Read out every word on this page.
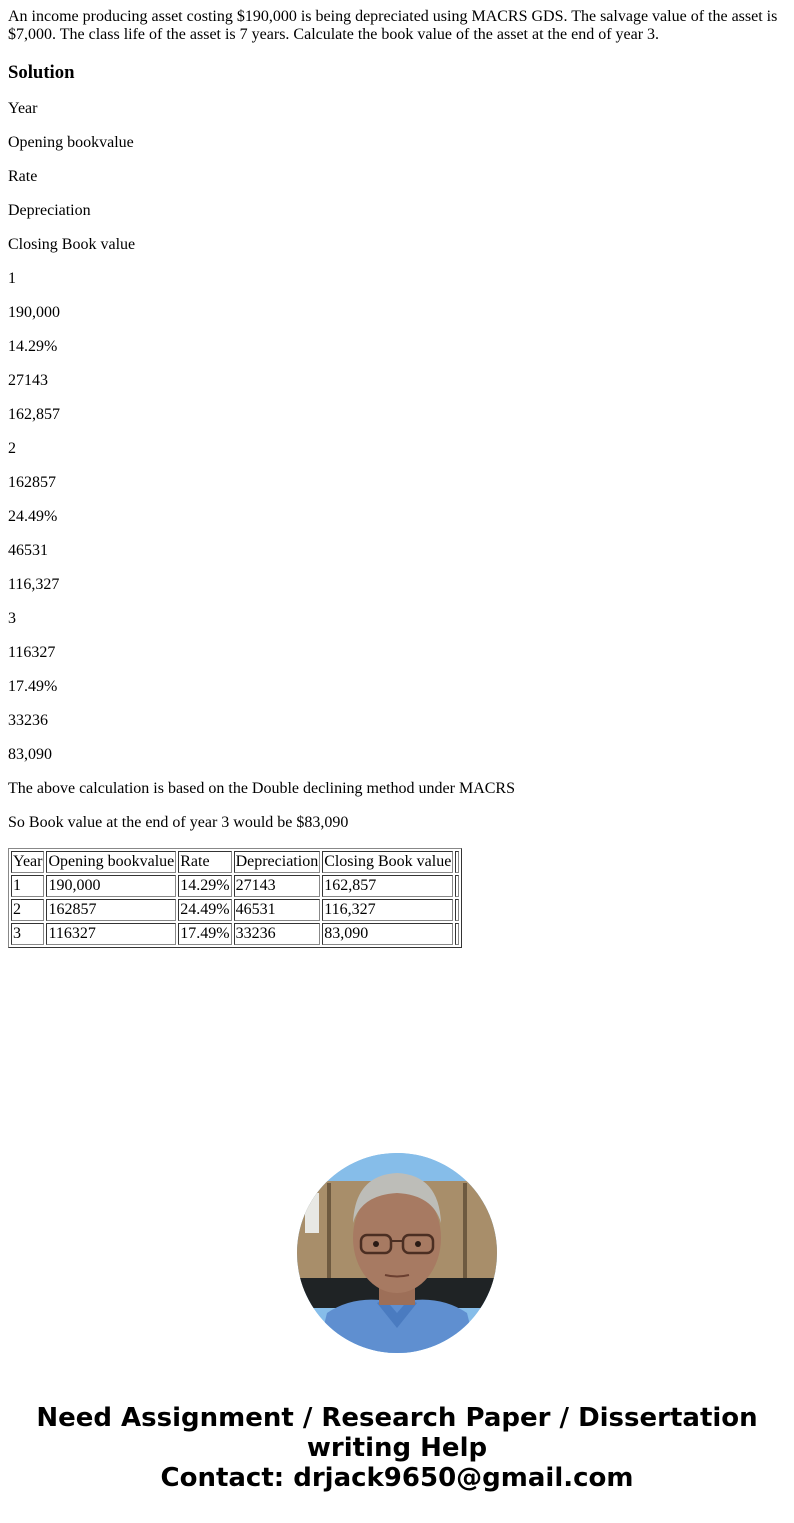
An income producing asset costing $190,000 is being depreciated using MACRS GDS. The salvage value of the asset is $7,000. The class life of the asset is 7 years. Calculate the book value of the asset at the end of year 3.

Solution

Year

Opening bookvalue

Rate

Depreciation

Closing Book value

1

190,000

14.29%

27143

162,857

2

162857

24.49%

46531

116,327

3

116327

17.49%

33236

83,090

The above calculation is based on the Double declining method under MACRS

So Book value at the end of year 3 would be $83,090

Year	Opening bookvalue	Rate	Depreciation	Closing Book value	
1	190,000	14.29%	27143	162,857	
2	162857	24.49%	46531	116,327	
3	116327	17.49%	33236	83,090	
Need Assignment / Research Paper / Dissertation
writing Help
Contact: drjack9650@gmail.com
